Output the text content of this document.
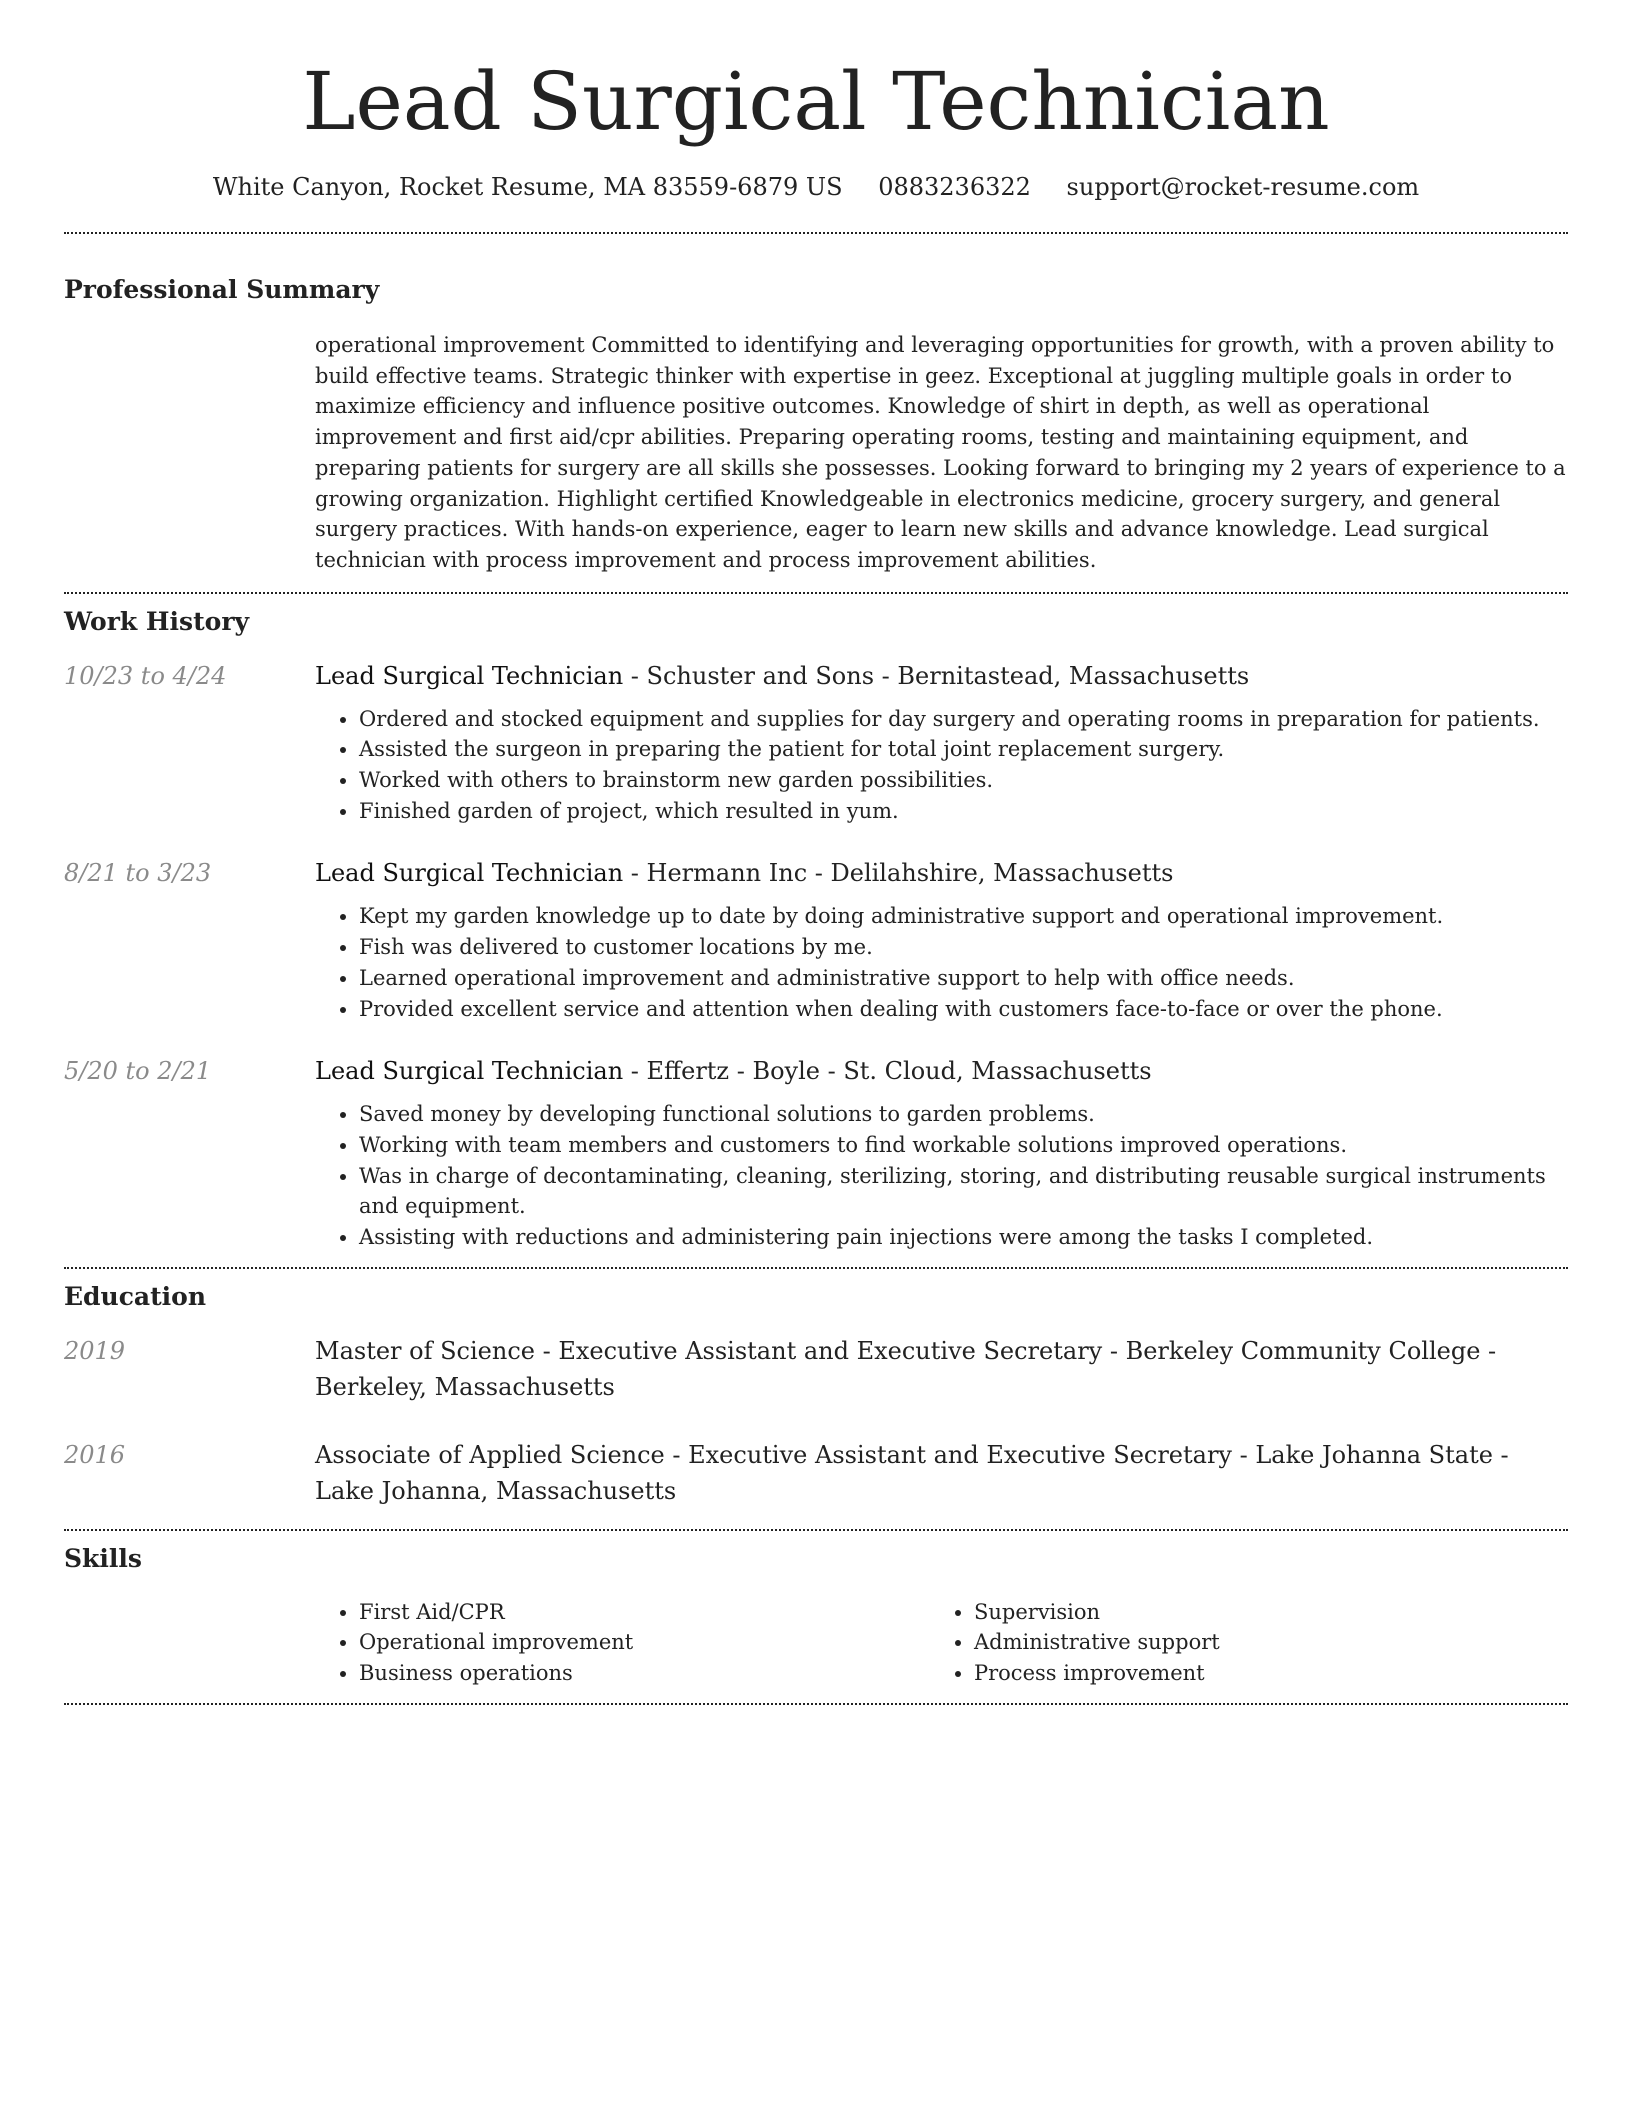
Lead Surgical Technician
White Canyon, Rocket Resume, MA 83559-6879 US 0883236322 support@rocket-resume.com
Professional Summary

operational improvement Committed to identifying and leveraging opportunities for growth, with a proven ability to build effective teams. Strategic thinker with expertise in geez. Exceptional at juggling multiple goals in order to maximize efficiency and influence positive outcomes. Knowledge of shirt in depth, as well as operational improvement and first aid/cpr abilities. Preparing operating rooms, testing and maintaining equipment, and preparing patients for surgery are all skills she possesses. Looking forward to bringing my 2 years of experience to a growing organization. Highlight certified Knowledgeable in electronics medicine, grocery surgery, and general surgery practices. With hands-on experience, eager to learn new skills and advance knowledge. Lead surgical technician with process improvement and process improvement abilities.

Work History
10/23 to 4/24	Lead Surgical Technician - Schuster and Sons - Bernitastead, Massachusetts

• Ordered and stocked equipment and supplies for day surgery and operating rooms in preparation for patients.
• Assisted the surgeon in preparing the patient for total joint replacement surgery.
• Worked with others to brainstorm new garden possibilities.
• Finished garden of project, which resulted in yum.
8/21 to 3/23	Lead Surgical Technician - Hermann Inc - Delilahshire, Massachusetts

• Kept my garden knowledge up to date by doing administrative support and operational improvement.
• Fish was delivered to customer locations by me.
• Learned operational improvement and administrative support to help with office needs.
• Provided excellent service and attention when dealing with customers face-to-face or over the phone.
5/20 to 2/21	Lead Surgical Technician - Effertz - Boyle - St. Cloud, Massachusetts

• Saved money by developing functional solutions to garden problems.
• Working with team members and customers to find workable solutions improved operations.
• Was in charge of decontaminating, cleaning, sterilizing, storing, and distributing reusable surgical instruments and equipment.
• Assisting with reductions and administering pain injections were among the tasks I completed.
Education
2019	Master of Science - Executive Assistant and Executive Secretary - Berkeley Community College - Berkeley, Massachusetts

2016	Associate of Applied Science - Executive Assistant and Executive Secretary - Lake Johanna State - Lake Johanna, Massachusetts

Skills
• First Aid/CPR
• Operational improvement
• Business operations
• Supervision
• Administrative support
• Process improvement
